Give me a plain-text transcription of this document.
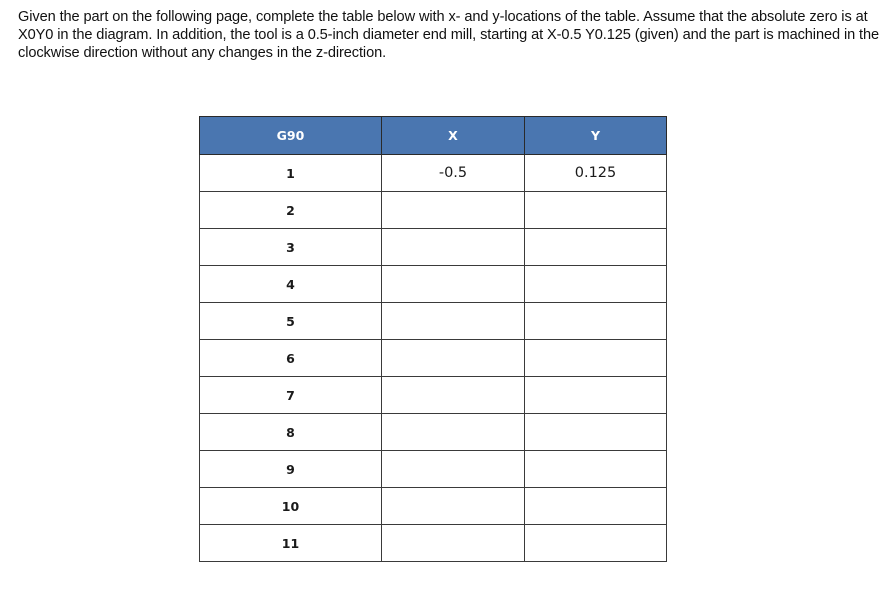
Given the part on the following page, complete the table below with x- and y-locations of the table. Assume that the absolute zero is at X0Y0 in the diagram. In addition, the tool is a 0.5-inch diameter end mill, starting at X-0.5 Y0.125 (given) and the part is machined in the clockwise direction without any changes in the z-direction.

G90	X	Y
1	-0.5	0.125
2		
3		
4		
5		
6		
7		
8		
9		
10		
11		
